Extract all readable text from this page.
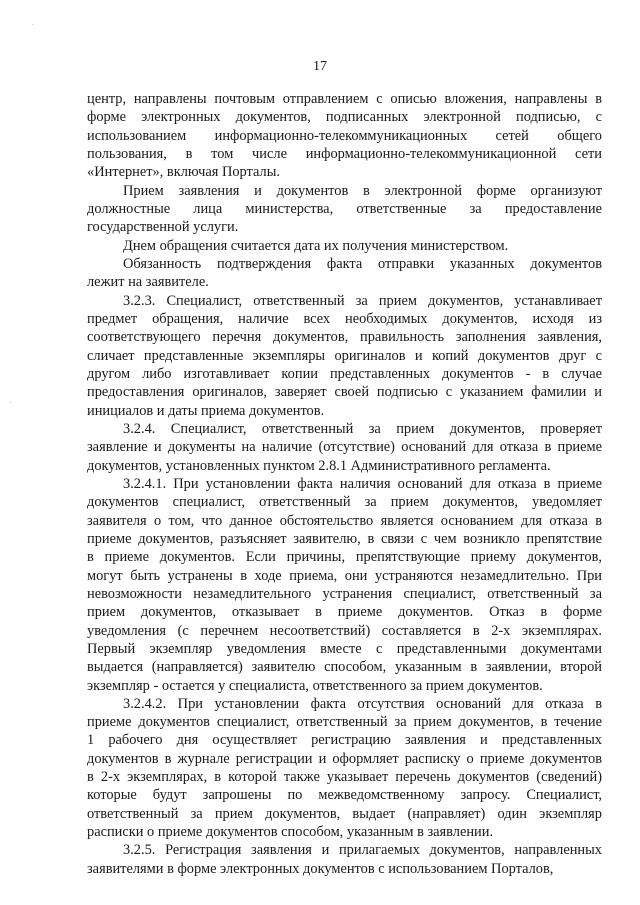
17
центр, направлены почтовым отправлением с описью вложения, направлены в
форме электронных документов, подписанных электронной подписью, с
использованием информационно-телекоммуникационных сетей общего
пользования, в том числе информационно-телекоммуникационной сети
«Интернет», включая Порталы.
Прием заявления и документов в электронной форме организуют
должностные лица министерства, ответственные за предоставление
государственной услуги.
Днем обращения считается дата их получения министерством.
Обязанность подтверждения факта отправки указанных документов
лежит на заявителе.
3.2.3. Специалист, ответственный за прием документов, устанавливает
предмет обращения, наличие всех необходимых документов, исходя из
соответствующего перечня документов, правильность заполнения заявления,
сличает представленные экземпляры оригиналов и копий документов друг с
другом либо изготавливает копии представленных документов - в случае
предоставления оригиналов, заверяет своей подписью с указанием фамилии и
инициалов и даты приема документов.
3.2.4. Специалист, ответственный за прием документов, проверяет
заявление и документы на наличие (отсутствие) оснований для отказа в приеме
документов, установленных пунктом 2.8.1 Административного регламента.
3.2.4.1. При установлении факта наличия оснований для отказа в приеме
документов специалист, ответственный за прием документов, уведомляет
заявителя о том, что данное обстоятельство является основанием для отказа в
приеме документов, разъясняет заявителю, в связи с чем возникло препятствие
в приеме документов. Если причины, препятствующие приему документов,
могут быть устранены в ходе приема, они устраняются незамедлительно. При
невозможности незамедлительного устранения специалист, ответственный за
прием документов, отказывает в приеме документов. Отказ в форме
уведомления (с перечнем несоответствий) составляется в 2-х экземплярах.
Первый экземпляр уведомления вместе с представленными документами
выдается (направляется) заявителю способом, указанным в заявлении, второй
экземпляр - остается у специалиста, ответственного за прием документов.
3.2.4.2. При установлении факта отсутствия оснований для отказа в
приеме документов специалист, ответственный за прием документов, в течение
1 рабочего дня осуществляет регистрацию заявления и представленных
документов в журнале регистрации и оформляет расписку о приеме документов
в 2-х экземплярах, в которой также указывает перечень документов (сведений)
которые будут запрошены по межведомственному запросу. Специалист,
ответственный за прием документов, выдает (направляет) один экземпляр
расписки о приеме документов способом, указанным в заявлении.
3.2.5. Регистрация заявления и прилагаемых документов, направленных
заявителями в форме электронных документов с использованием Порталов,
·
·
